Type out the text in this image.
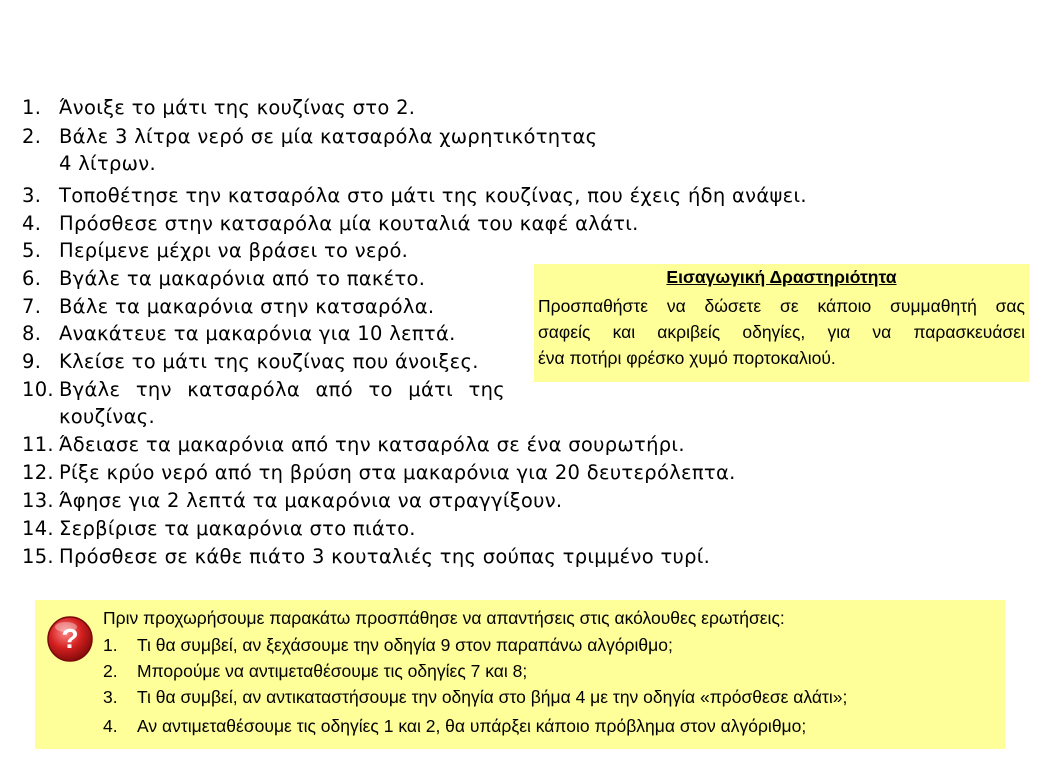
1. Άνοιξε το μάτι της κουζίνας στο 2.
2. Βάλε 3 λίτρα νερό σε μία κατσαρόλα χωρητικότητας
4 λίτρων.
3. Τοποθέτησε την κατσαρόλα στο μάτι της κουζίνας, που έχεις ήδη ανάψει.
4. Πρόσθεσε στην κατσαρόλα μία κουταλιά του καφέ αλάτι.
5. Περίμενε μέχρι να βράσει το νερό.
6. Βγάλε τα μακαρόνια από το πακέτο.
7. Βάλε τα μακαρόνια στην κατσαρόλα.
8. Ανακάτευε τα μακαρόνια για 10 λεπτά.
9. Κλείσε το μάτι της κουζίνας που άνοιξες.
10. Βγάλε την κατσαρόλα από το μάτι της
κουζίνας.
11. Άδειασε τα μακαρόνια από την κατσαρόλα σε ένα σουρωτήρι.
12. Ρίξε κρύο νερό από τη βρύση στα μακαρόνια για 20 δευτερόλεπτα.
13. Άφησε για 2 λεπτά τα μακαρόνια να στραγγίξουν.
14. Σερβίρισε τα μακαρόνια στο πιάτο.
15. Πρόσθεσε σε κάθε πιάτο 3 κουταλιές της σούπας τριμμένο τυρί.
Εισαγωγική Δραστηριότητα
Προσπαθήστε να δώσετε σε κάποιο συμμαθητή σας
σαφείς και ακριβείς οδηγίες, για να παρασκευάσει
ένα ποτήρι φρέσκο χυμό πορτοκαλιού.
?
Πριν προχωρήσουμε παρακάτω προσπάθησε να απαντήσεις στις ακόλουθες ερωτήσεις:
1. Τι θα συμβεί, αν ξεχάσουμε την οδηγία 9 στον παραπάνω αλγόριθμο;
2. Μπορούμε να αντιμεταθέσουμε τις οδηγίες 7 και 8;
3. Τι θα συμβεί, αν αντικαταστήσουμε την οδηγία στο βήμα 4 με την οδηγία «πρόσθεσε αλάτι»;
4. Αν αντιμεταθέσουμε τις οδηγίες 1 και 2, θα υπάρξει κάποιο πρόβλημα στον αλγόριθμο;
